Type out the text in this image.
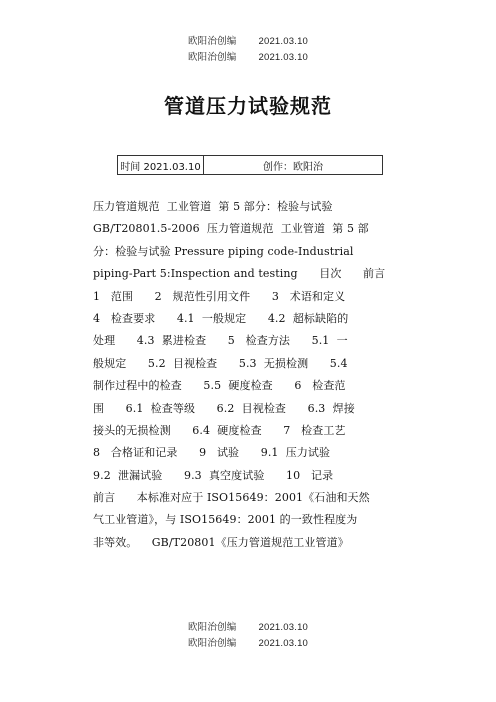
欧阳治创编 2021.03.10
欧阳治创编 2021.03.10
管道压力试验规范
时间 2021.03.10	创作：欧阳治
压力管道规范  工业管道  第 5 部分：检验与试验
GB/T20801.5-2006  压力管道规范  工业管道  第 5 部
分：检验与试验 Pressure piping code-Industrial
piping-Part 5:Inspection and testing      目次      前言
1   范围      2   规范性引用文件      3   术语和定义
4   检查要求      4.1  一般规定      4.2  超标缺陷的
处理      4.3  累进检查      5   检查方法      5.1  一
般规定      5.2  目视检查      5.3  无损检测      5.4
制作过程中的检查      5.5  硬度检查      6   检查范
围      6.1  检查等级      6.2  目视检查      6.3  焊接
接头的无损检测      6.4  硬度检查      7   检查工艺
8   合格证和记录      9   试验      9.1  压力试验
9.2  泄漏试验      9.3  真空度试验      10   记录
前言      本标准对应于 ISO15649：2001《石油和天然
气工业管道》，与 ISO15649：2001 的一致性程度为
非等效。    GB/T20801《压力管道规范工业管道》
欧阳治创编 2021.03.10
欧阳治创编 2021.03.10
